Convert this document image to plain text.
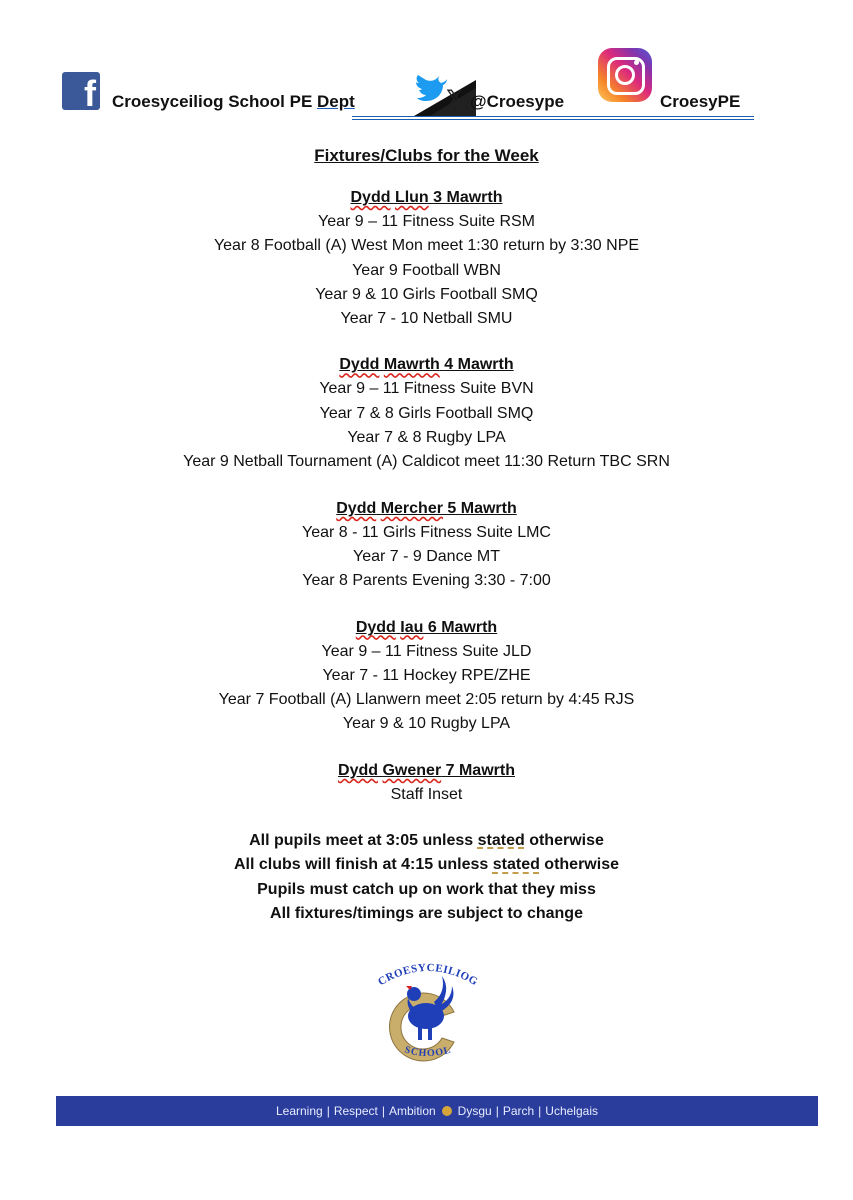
f Croesyceiliog School PE Dept	𝕏 @Croesype	CroesyPE
Fixtures/Clubs for the Week
Dydd Llun 3 Mawrth
Year 9 – 11 Fitness Suite RSM
Year 8 Football (A) West Mon meet 1:30 return by 3:30 NPE
Year 9 Football WBN
Year 9 & 10 Girls Football SMQ
Year 7 - 10 Netball SMU
Dydd Mawrth 4 Mawrth
Year 9 – 11 Fitness Suite BVN
Year 7 & 8 Girls Football SMQ
Year 7 & 8 Rugby LPA
Year 9 Netball Tournament (A) Caldicot meet 11:30 Return TBC SRN
Dydd Mercher 5 Mawrth
Year 8 - 11 Girls Fitness Suite LMC
Year 7 - 9 Dance MT
Year 8 Parents Evening 3:30 - 7:00
Dydd Iau 6 Mawrth
Year 9 – 11 Fitness Suite JLD
Year 7 - 11 Hockey RPE/ZHE
Year 7 Football (A) Llanwern meet 2:05 return by 4:45 RJS
Year 9 & 10 Rugby LPA
Dydd Gwener 7 Mawrth
Staff Inset
All pupils meet at 3:05 unless stated otherwise
All clubs will finish at 4:15 unless stated otherwise
Pupils must catch up on work that they miss
All fixtures/timings are subject to change
CROESYCEILIOG
SCHOOL
Learning | Respect | Ambition Dysgu | Parch | Uchelgais
